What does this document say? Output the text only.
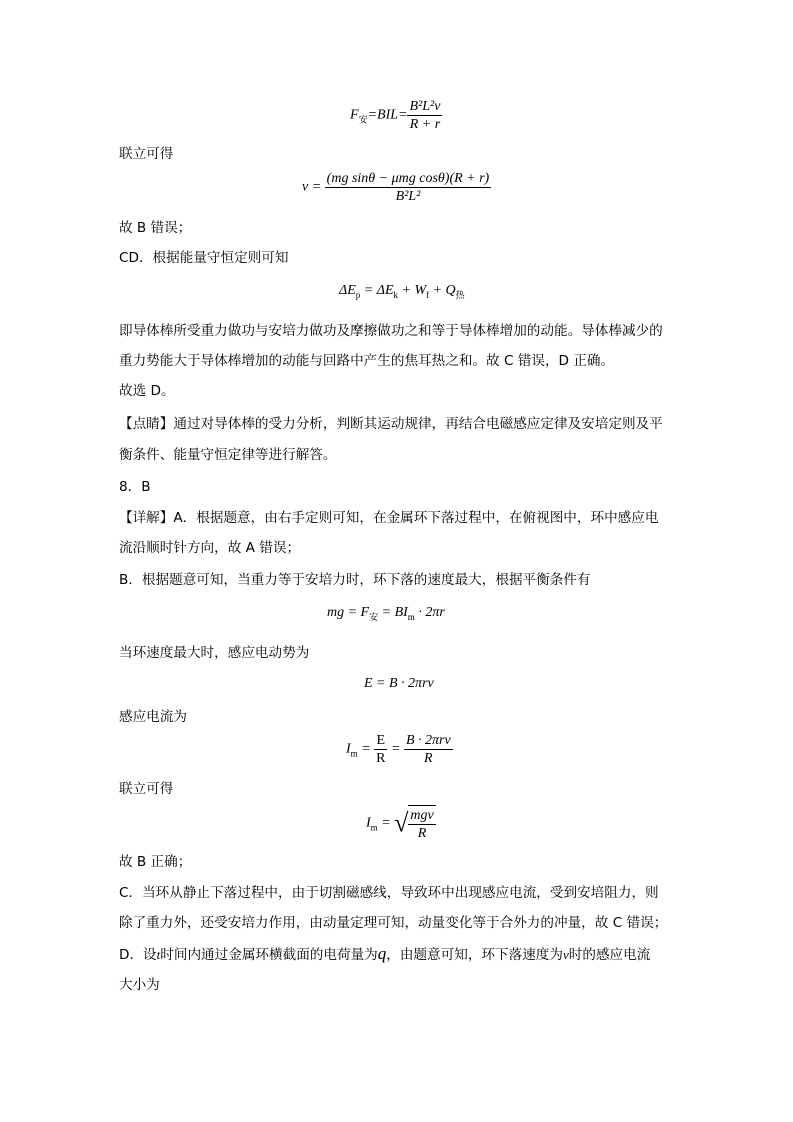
$F_安=BIL= \frac{\text{B²L²v}}{R + r}$
联立可得
$v = \frac{\text{(mg sinθ − μmg cosθ)(R + r)}}{\text{B²L²}}$
故 B 错误；
CD．根据能量守恒定则可知
$\Delta E_p = \Delta E_k + W_f + Q_热$
即导体棒所受重力做功与安培力做功及摩擦做功之和等于导体棒增加的动能。导体棒减少的
重力势能大于导体棒增加的动能与回路中产生的焦耳热之和。故 C 错误，D 正确。
故选 D。
【点睛】通过对导体棒的受力分析，判断其运动规律，再结合电磁感应定律及安培定则及平
衡条件、能量守恒定律等进行解答。
8．B
【详解】A．根据题意，由右手定则可知，在金属环下落过程中，在俯视图中，环中感应电
流沿顺时针方向，故 A 错误；
B．根据题意可知，当重力等于安培力时，环下落的速度最大，根据平衡条件有
mg = $F_安 = BI_m \cdot 2\pi r$
当环速度最大时，感应电动势为
E = B · 2πrv
感应电流为
$I_m = \frac{E}{R} = \frac{\text{B · 2πrv}}{R}$
联立可得
$I_m$ = √ $\frac{\text{mgv}}{R}$
故 B 正确；
C．当环从静止下落过程中，由于切割磁感线，导致环中出现感应电流，受到安培阻力，则
除了重力外，还受安培力作用，由动量定理可知，动量变化等于合外力的冲量，故 C 错误；
D．设t时间内通过金属环横截面的电荷量为q，由题意可知，环下落速度为v时的感应电流
大小为
